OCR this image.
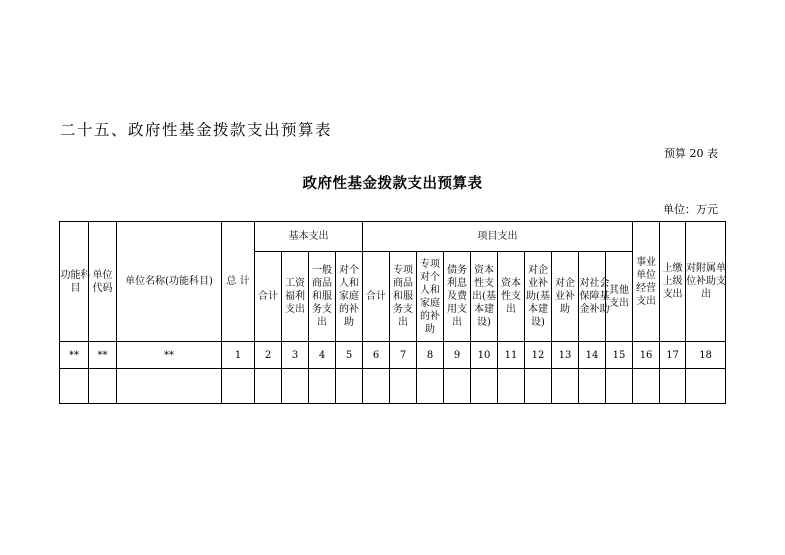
二十五、政府性基金拨款支出预算表
预算 20 表
政府性基金拨款支出预算表
单位：万元
功能科目	单位代码	单位名称(功能科目)	总 计	基本支出				项目支出										事业单位经营支出	上缴上级支出	对附属单位补助支出
				合计	工资福利支出	一般商品和服务支出	对个人和家庭的补助	合计	专项商品和服务支出	专项对个人和家庭的补助	债务利息及费用支出	资本性支出(基本建设)	资本性支出	对企业补助(基本建设)	对企业补助	对社会保障基金补助	其他支出			
**	**	**	1	2	3	4	5	6	7	8	9	10	11	12	13	14	15	16	17	18
